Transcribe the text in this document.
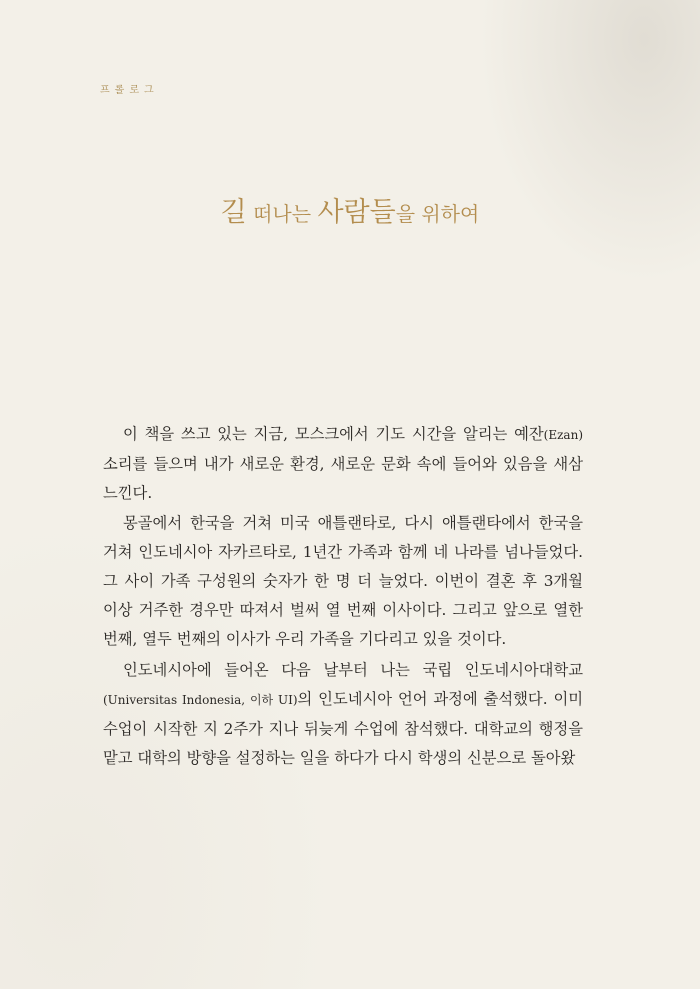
프롤로그
길 떠나는 사람들을 위하여

이 책을 쓰고 있는 지금, 모스크에서 기도 시간을 알리는 예잔(Ezan) 소리를 들으며 내가 새로운 환경, 새로운 문화 속에 들어와 있음을 새삼 느낀다.

몽골에서 한국을 거쳐 미국 애틀랜타로, 다시 애틀랜타에서 한국을 거쳐 인도네시아 자카르타로, 1년간 가족과 함께 네 나라를 넘나들었다. 그 사이 가족 구성원의 숫자가 한 명 더 늘었다. 이번이 결혼 후 3개월 이상 거주한 경우만 따져서 벌써 열 번째 이사이다. 그리고 앞으로 열한 번째, 열두 번째의 이사가 우리 가족을 기다리고 있을 것이다.

인도네시아에 들어온 다음 날부터 나는 국립 인도네시아대학교 (Universitas Indonesia, 이하 UI)의 인도네시아 언어 과정에 출석했다. 이미 수업이 시작한 지 2주가 지나 뒤늦게 수업에 참석했다. 대학교의 행정을 맡고 대학의 방향을 설정하는 일을 하다가 다시 학생의 신분으로 돌아왔
